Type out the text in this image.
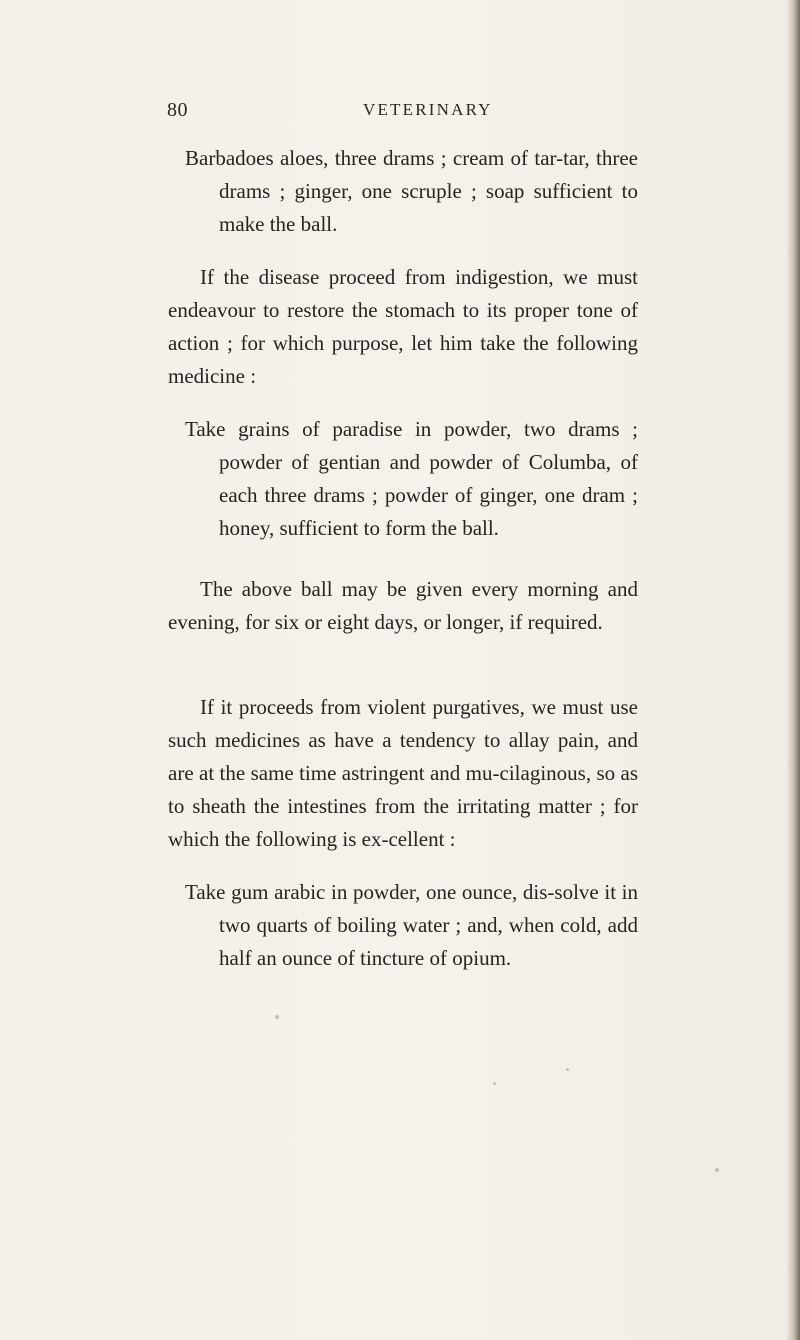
80	VETERINARY

Barbadoes aloes, three drams ; cream of tar-tar, three drams ; ginger, one scruple ; soap sufficient to make the ball.

If the disease proceed from indigestion, we must endeavour to restore the stomach to its proper tone of action ; for which purpose, let him take the following medicine :

Take grains of paradise in powder, two drams ; powder of gentian and powder of Columba, of each three drams ; powder of ginger, one dram ; honey, sufficient to form the ball.

The above ball may be given every morning and evening, for six or eight days, or longer, if required.

If it proceeds from violent purgatives, we must use such medicines as have a tendency to allay pain, and are at the same time astringent and mu-cilaginous, so as to sheath the intestines from the irritating matter ; for which the following is ex-cellent :

Take gum arabic in powder, one ounce, dis-solve it in two quarts of boiling water ; and, when cold, add half an ounce of tincture of opium.
